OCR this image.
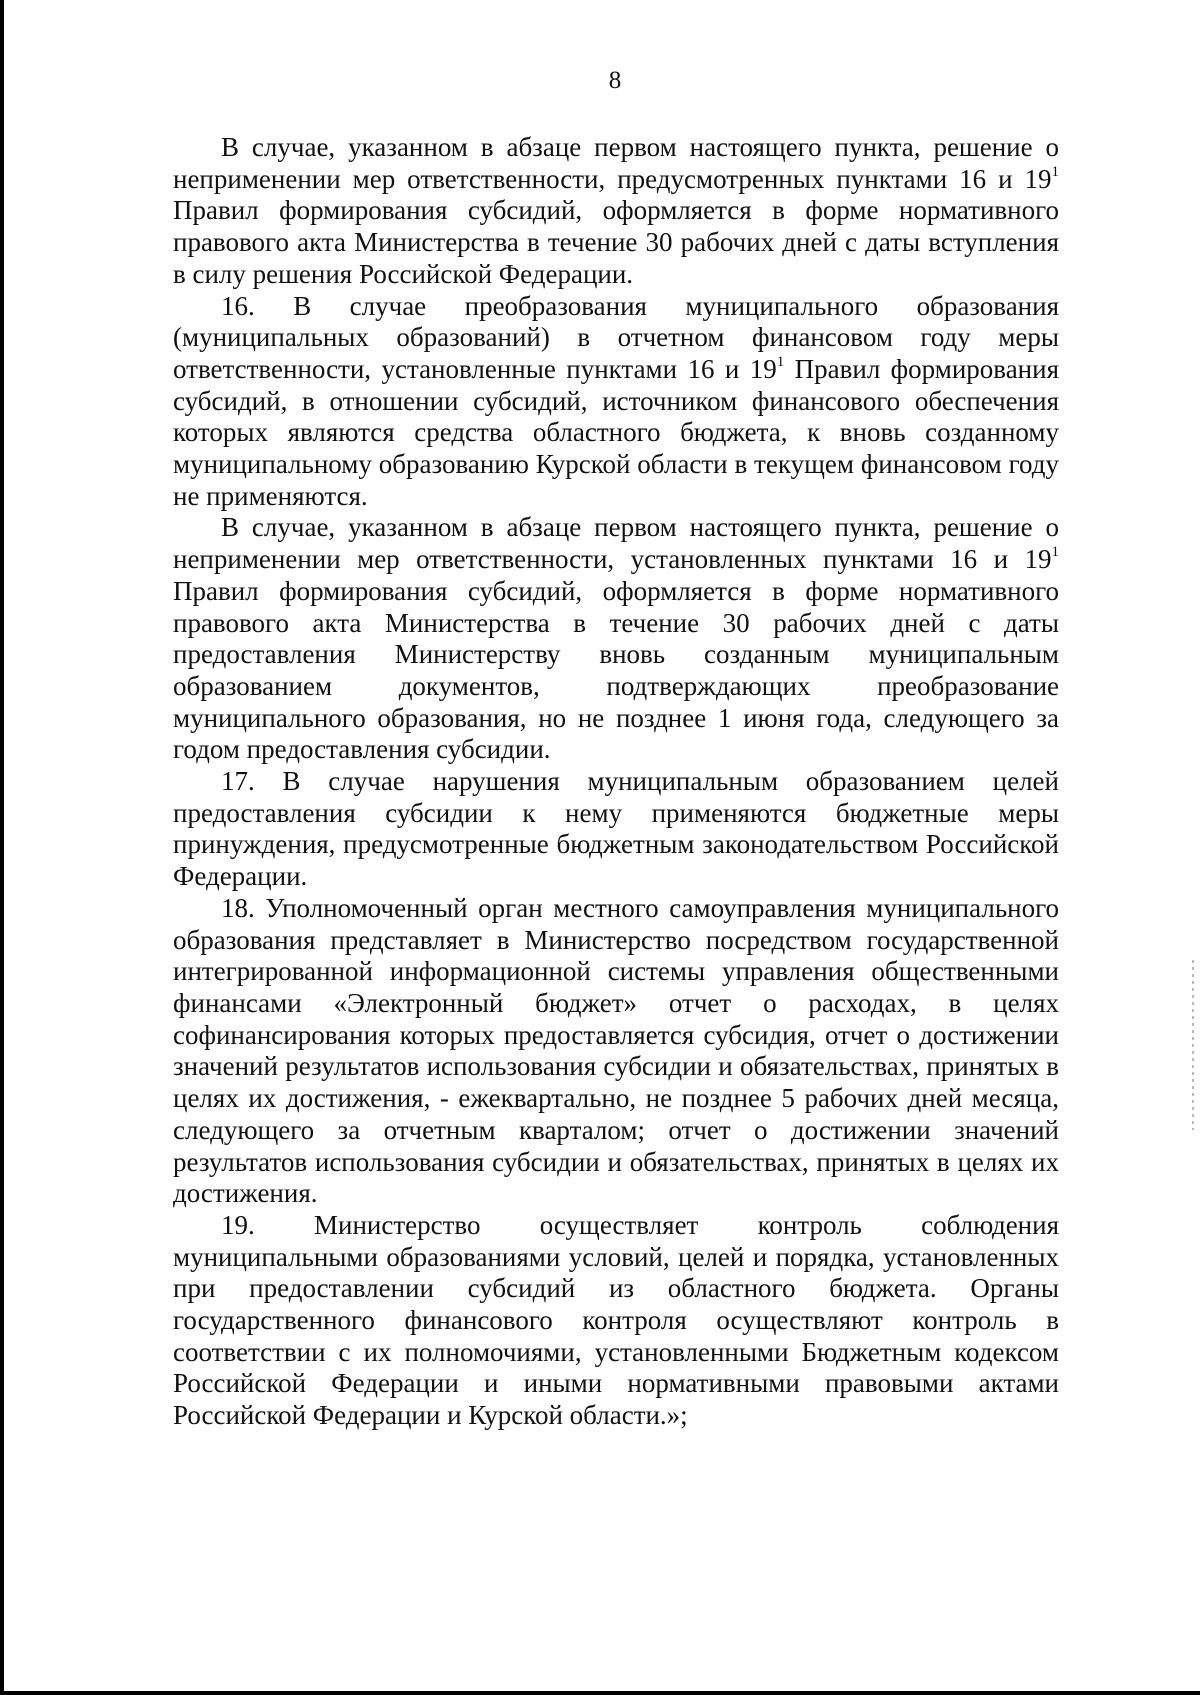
8

В случае, указанном в абзаце первом настоящего пункта, решение о неприменении мер ответственности, предусмотренных пунктами 16 и $19^1$ Правил формирования субсидий, оформляется в форме нормативного правового акта Министерства в течение 30 рабочих дней с даты вступления в силу решения Российской Федерации.

16. В случае преобразования муниципального образования (муниципальных образований) в отчетном финансовом году меры ответственности, установленные пунктами 16 и $19^1$ Правил формирования субсидий, в отношении субсидий, источником финансового обеспечения которых являются средства областного бюджета, к вновь созданному муниципальному образованию Курской области в текущем финансовом году не применяются.

В случае, указанном в абзаце первом настоящего пункта, решение о неприменении мер ответственности, установленных пунктами 16 и $19^1$ Правил формирования субсидий, оформляется в форме нормативного правового акта Министерства в течение 30 рабочих дней с даты предоставления Министерству вновь созданным муниципальным образованием документов, подтверждающих преобразование муниципального образования, но не позднее 1 июня года, следующего за годом предоставления субсидии.

17. В случае нарушения муниципальным образованием целей предоставления субсидии к нему применяются бюджетные меры принуждения, предусмотренные бюджетным законодательством Российской Федерации.

18. Уполномоченный орган местного самоуправления муниципального образования представляет в Министерство посредством государственной интегрированной информационной системы управления общественными финансами «Электронный бюджет» отчет о расходах, в целях софинансирования которых предоставляется субсидия, отчет о достижении значений результатов использования субсидии и обязательствах, принятых в целях их достижения, - ежеквартально, не позднее 5 рабочих дней месяца, следующего за отчетным кварталом; отчет о достижении значений результатов использования субсидии и обязательствах, принятых в целях их достижения.

19. Министерство осуществляет контроль соблюдения муниципальными образованиями условий, целей и порядка, установленных при предоставлении субсидий из областного бюджета. Органы государственного финансового контроля осуществляют контроль в соответствии с их полномочиями, установленными Бюджетным кодексом Российской Федерации и иными нормативными правовыми актами Российской Федерации и Курской области.»;
